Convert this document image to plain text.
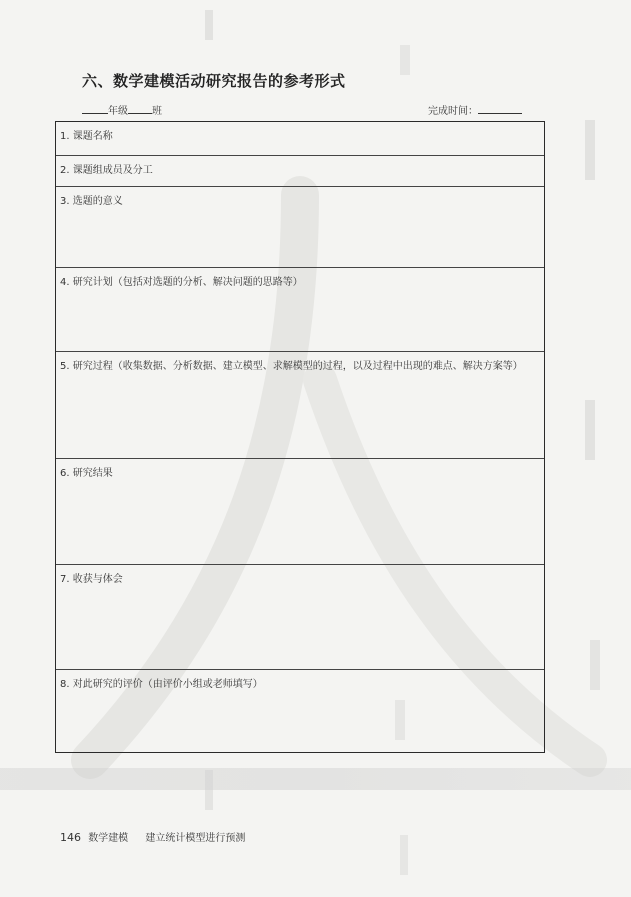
六、数学建模活动研究报告的参考形式
年级 班	完成时间：
1. 课题名称
2. 课题组成员及分工
3. 选题的意义
4. 研究计划（包括对选题的分析、解决问题的思路等）
5. 研究过程（收集数据、分析数据、建立模型、求解模型的过程，以及过程中出现的难点、解决方案等）
6. 研究结果
7. 收获与体会
8. 对此研究的评价（由评价小组或老师填写）
146 数学建模 建立统计模型进行预测
